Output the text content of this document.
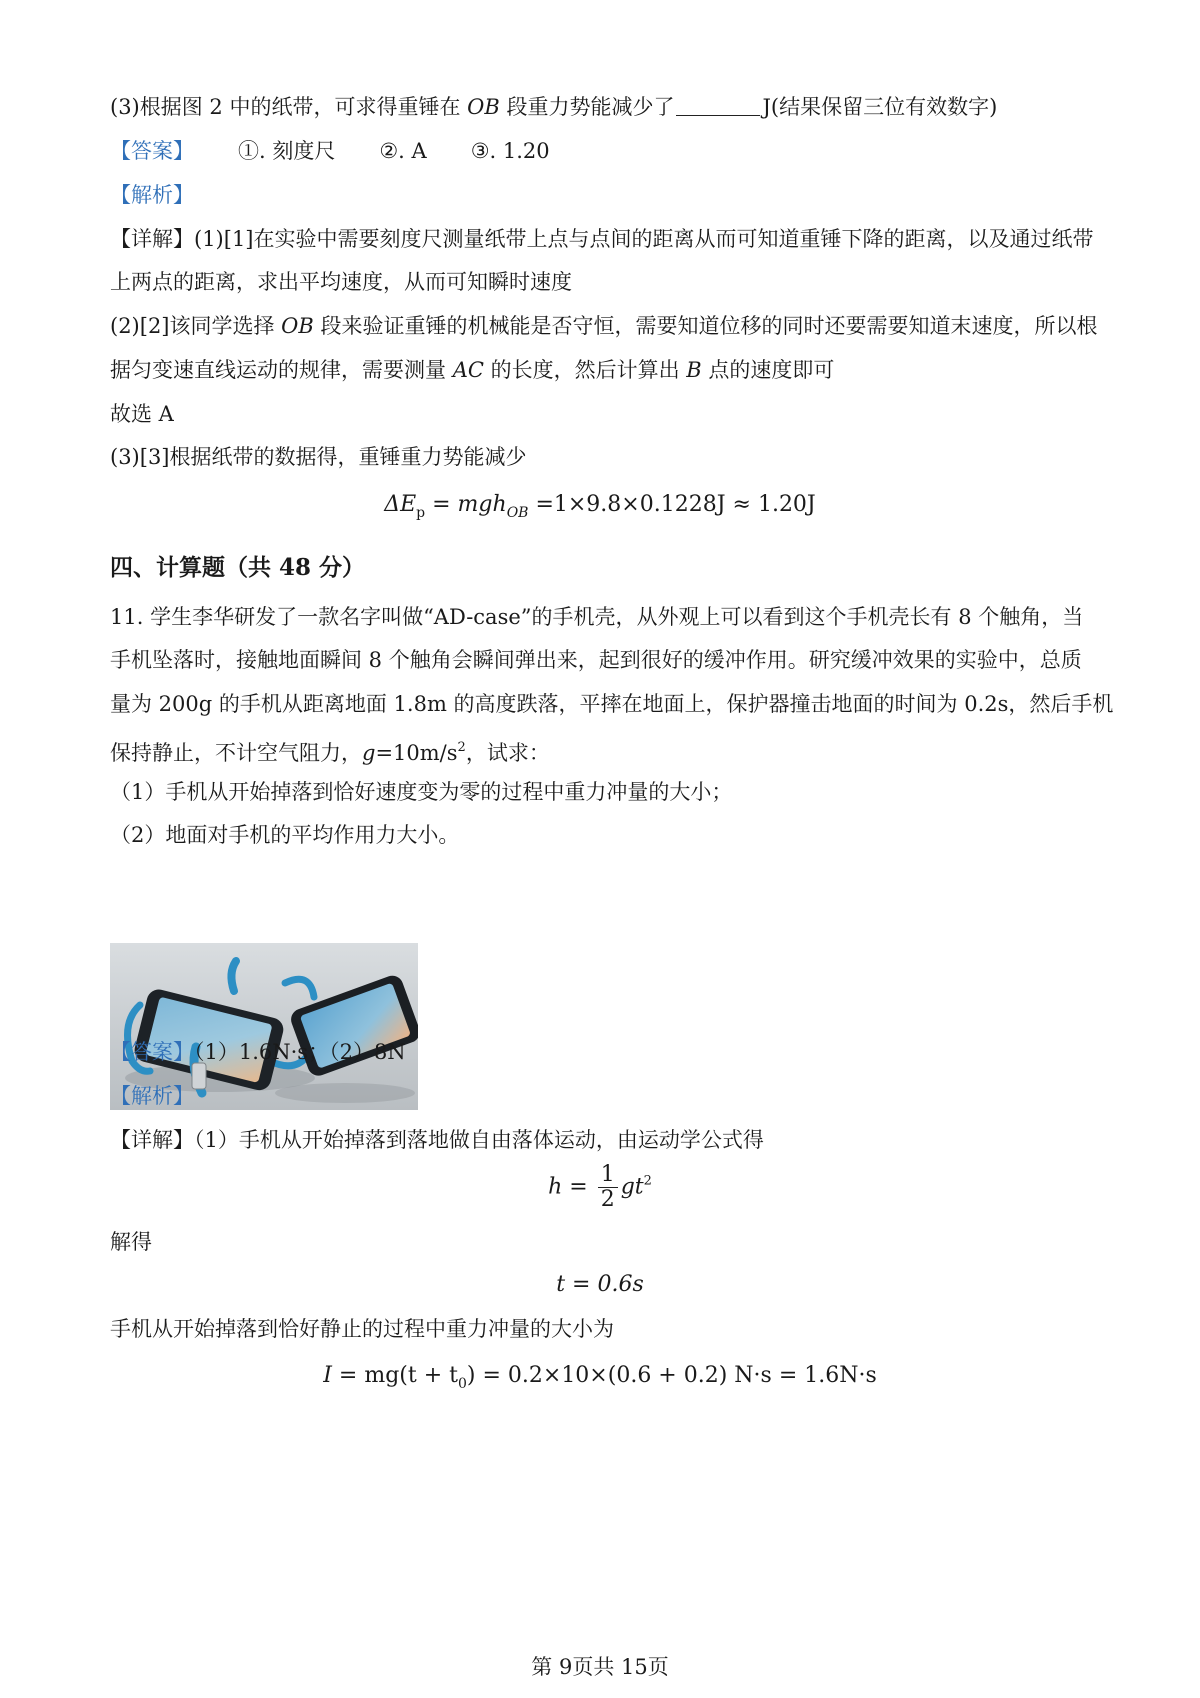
(3)根据图 2 中的纸带，可求得重锤在 OB 段重力势能减少了	J(结果保留三位有效数字)
【答案】 ①. 刻度尺 ②. A ③. 1.20
【解析】
【详解】(1)[1]在实验中需要刻度尺测量纸带上点与点间的距离从而可知道重锤下降的距离，以及通过纸带
上两点的距离，求出平均速度，从而可知瞬时速度
(2)[2]该同学选择 OB 段来验证重锤的机械能是否守恒，需要知道位移的同时还要需要知道末速度，所以根
据匀变速直线运动的规律，需要测量 AC 的长度，然后计算出 B 点的速度即可
故选 A
(3)[3]根据纸带的数据得，重锤重力势能减少
$\Delta E_p = mgh_{OB} =1\times 9.8\times 0.1228J \approx 1.20J$
四、计算题（共 48 分）
11. 学生李华研发了一款名字叫做“AD-case”的手机壳，从外观上可以看到这个手机壳长有 8 个触角，当
手机坠落时，接触地面瞬间 8 个触角会瞬间弹出来，起到很好的缓冲作用。研究缓冲效果的实验中，总质
量为 200g 的手机从距离地面 1.8m 的高度跌落，平摔在地面上，保护器撞击地面的时间为 0.2s，然后手机
保持静止，不计空气阻力，$g=10m/s^2$，试求：
（1）手机从开始掉落到恰好速度变为零的过程中重力冲量的大小；
（2）地面对手机的平均作用力大小。
【答案】（1）1.6N·s；（2）8N
【解析】
【详解】（1）手机从开始掉落到落地做自由落体运动，由运动学公式得
$h = \frac{1}{2} gt^2$
解得
t = 0.6s
手机从开始掉落到恰好静止的过程中重力冲量的大小为
$I = mg(t + t_0) = 0.2\times 10\times(0.6 + 0.2)$ N·s = 1.6N·s
第 9页共 15页
